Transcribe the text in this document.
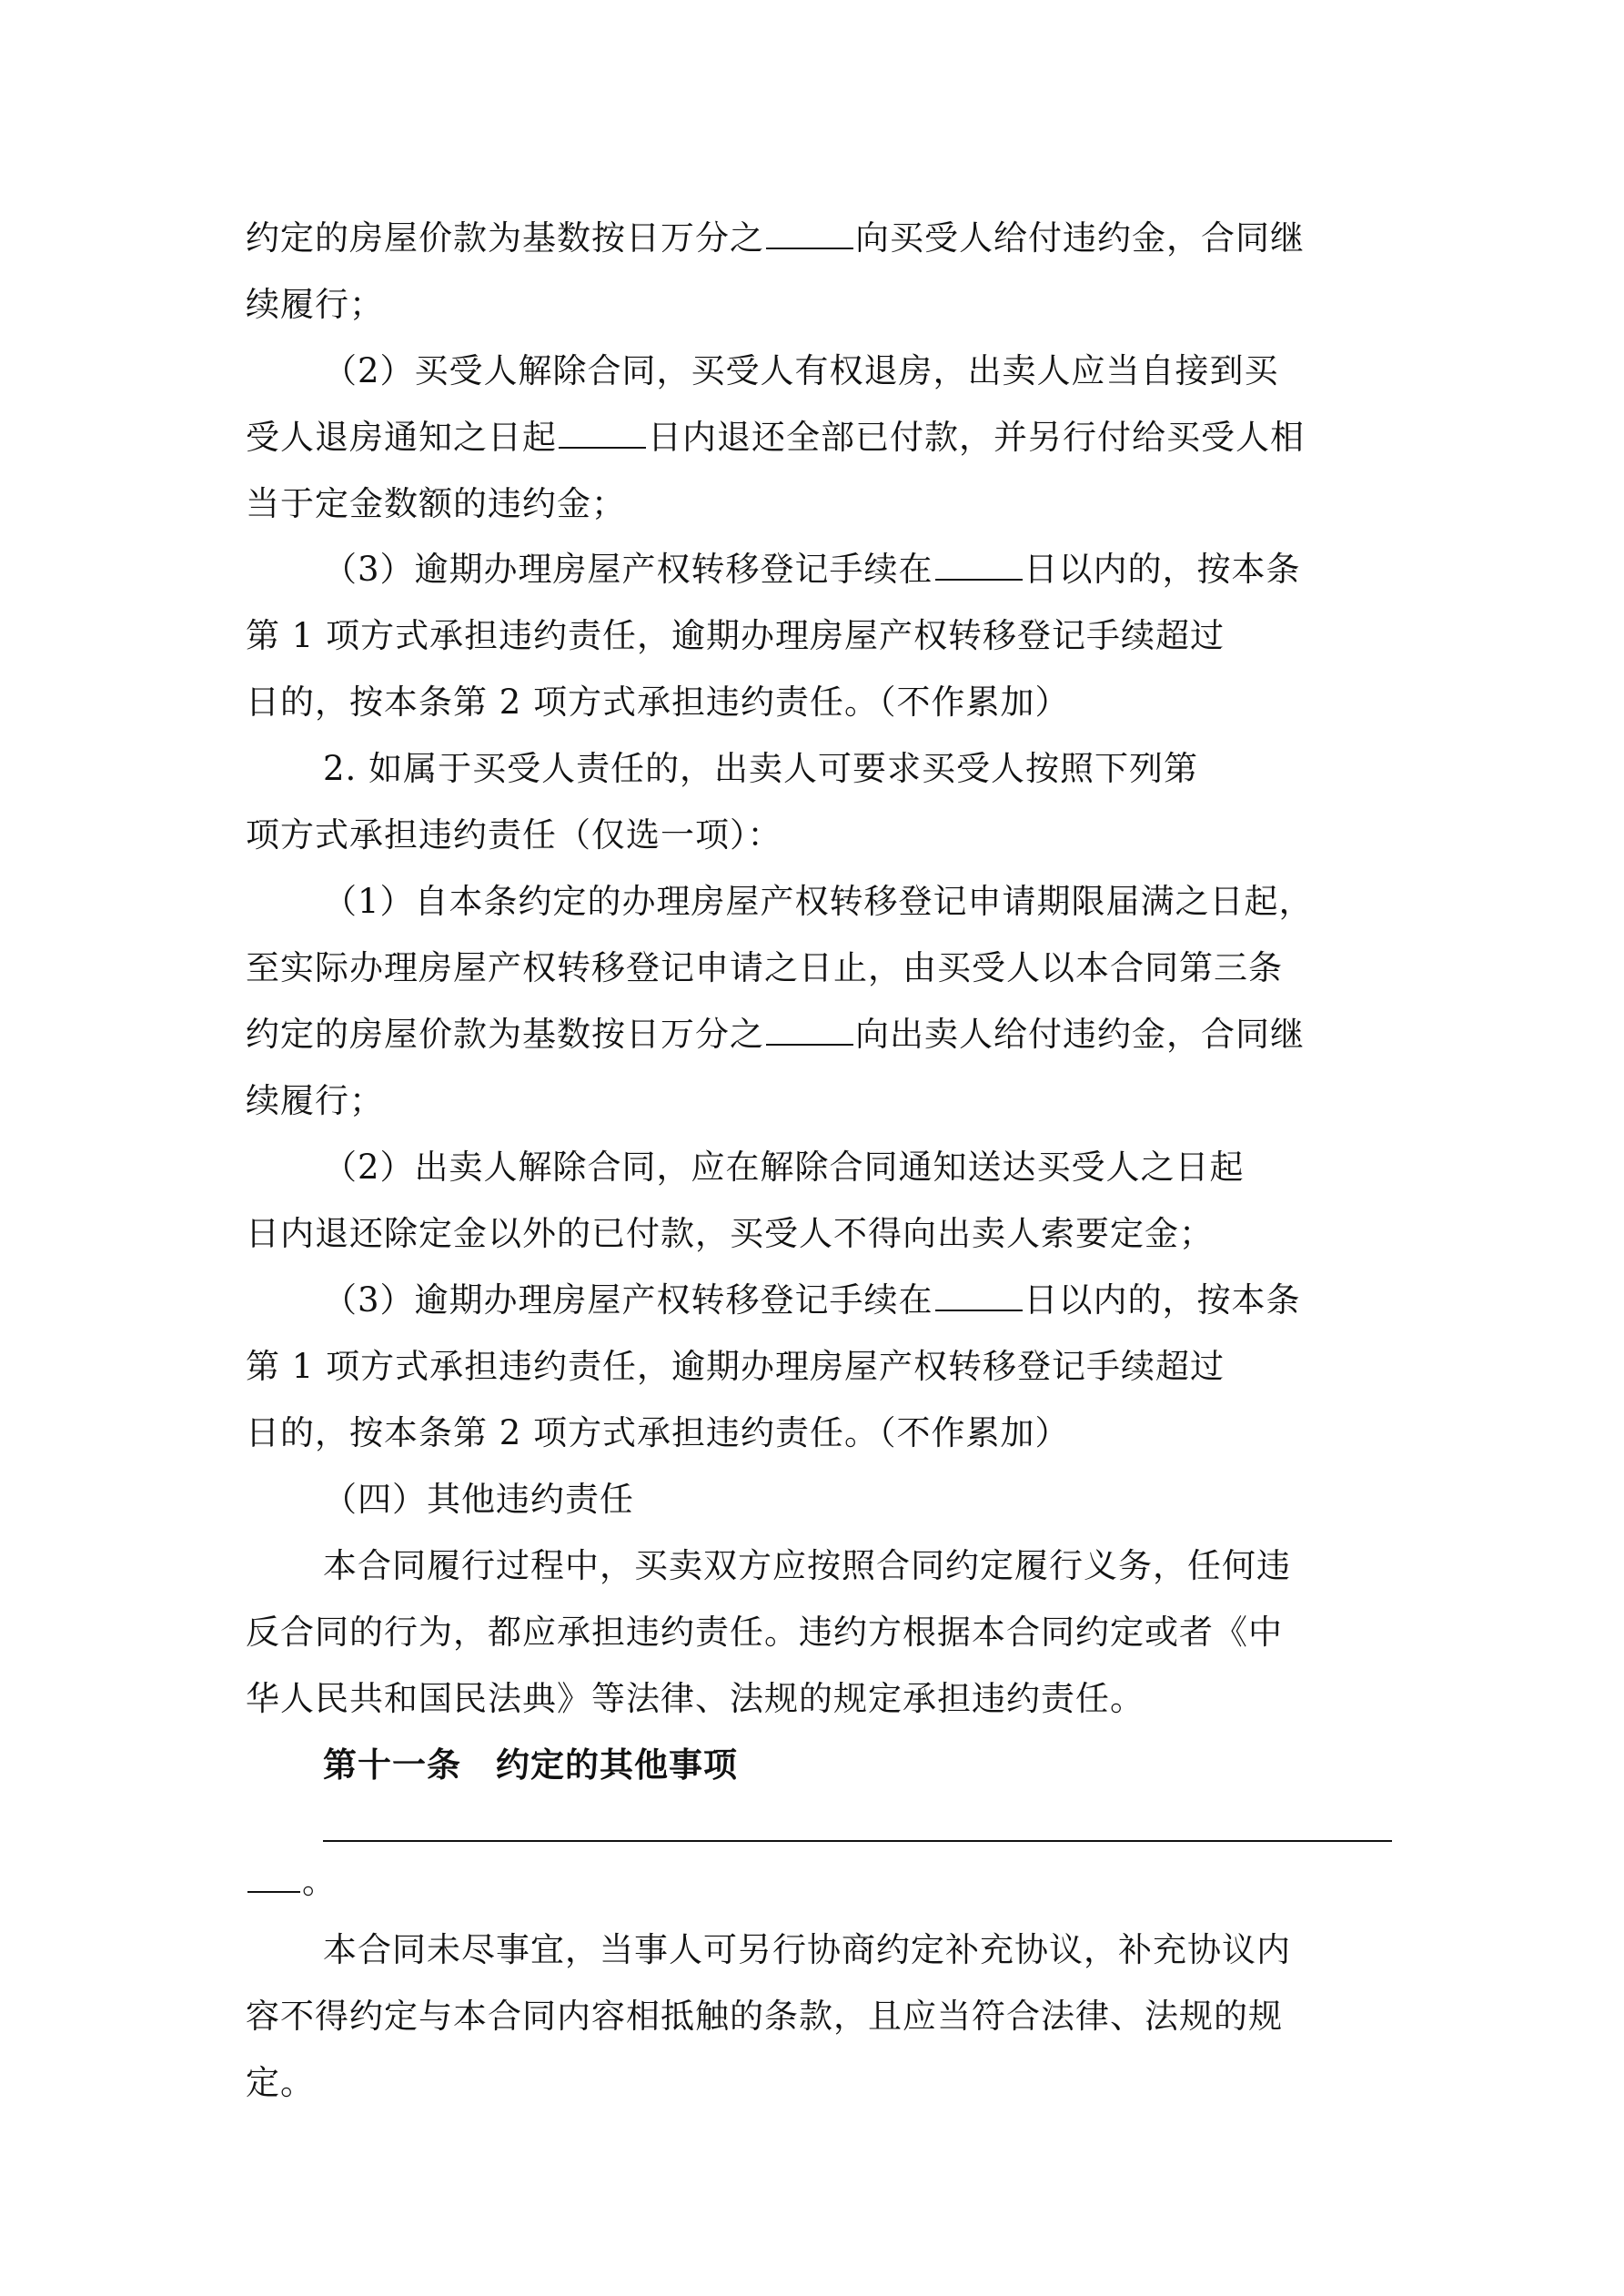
约定的房屋价款为基数按日万分之	向买受人给付违约金，合同继
续履行；
（2）买受人解除合同，买受人有权退房，出卖人应当自接到买
受人退房通知之日起	日内退还全部已付款，并另行付给买受人相
当于定金数额的违约金；
（3）逾期办理房屋产权转移登记手续在	日以内的，按本条
第 1 项方式承担违约责任，逾期办理房屋产权转移登记手续超过
日的，按本条第 2 项方式承担违约责任。（不作累加）
2. 如属于买受人责任的，出卖人可要求买受人按照下列第
项方式承担违约责任（仅选一项）：
（1）自本条约定的办理房屋产权转移登记申请期限届满之日起，
至实际办理房屋产权转移登记申请之日止，由买受人以本合同第三条
约定的房屋价款为基数按日万分之	向出卖人给付违约金，合同继
续履行；
（2）出卖人解除合同，应在解除合同通知送达买受人之日起
日内退还除定金以外的已付款，买受人不得向出卖人索要定金；
（3）逾期办理房屋产权转移登记手续在	日以内的，按本条
第 1 项方式承担违约责任，逾期办理房屋产权转移登记手续超过
日的，按本条第 2 项方式承担违约责任。（不作累加）
（四）其他违约责任
本合同履行过程中，买卖双方应按照合同约定履行义务，任何违
反合同的行为，都应承担违约责任。违约方根据本合同约定或者《中
华人民共和国民法典》等法律、法规的规定承担违约责任。
第十一条　约定的其他事项
。
本合同未尽事宜，当事人可另行协商约定补充协议，补充协议内
容不得约定与本合同内容相抵触的条款，且应当符合法律、法规的规
定。
